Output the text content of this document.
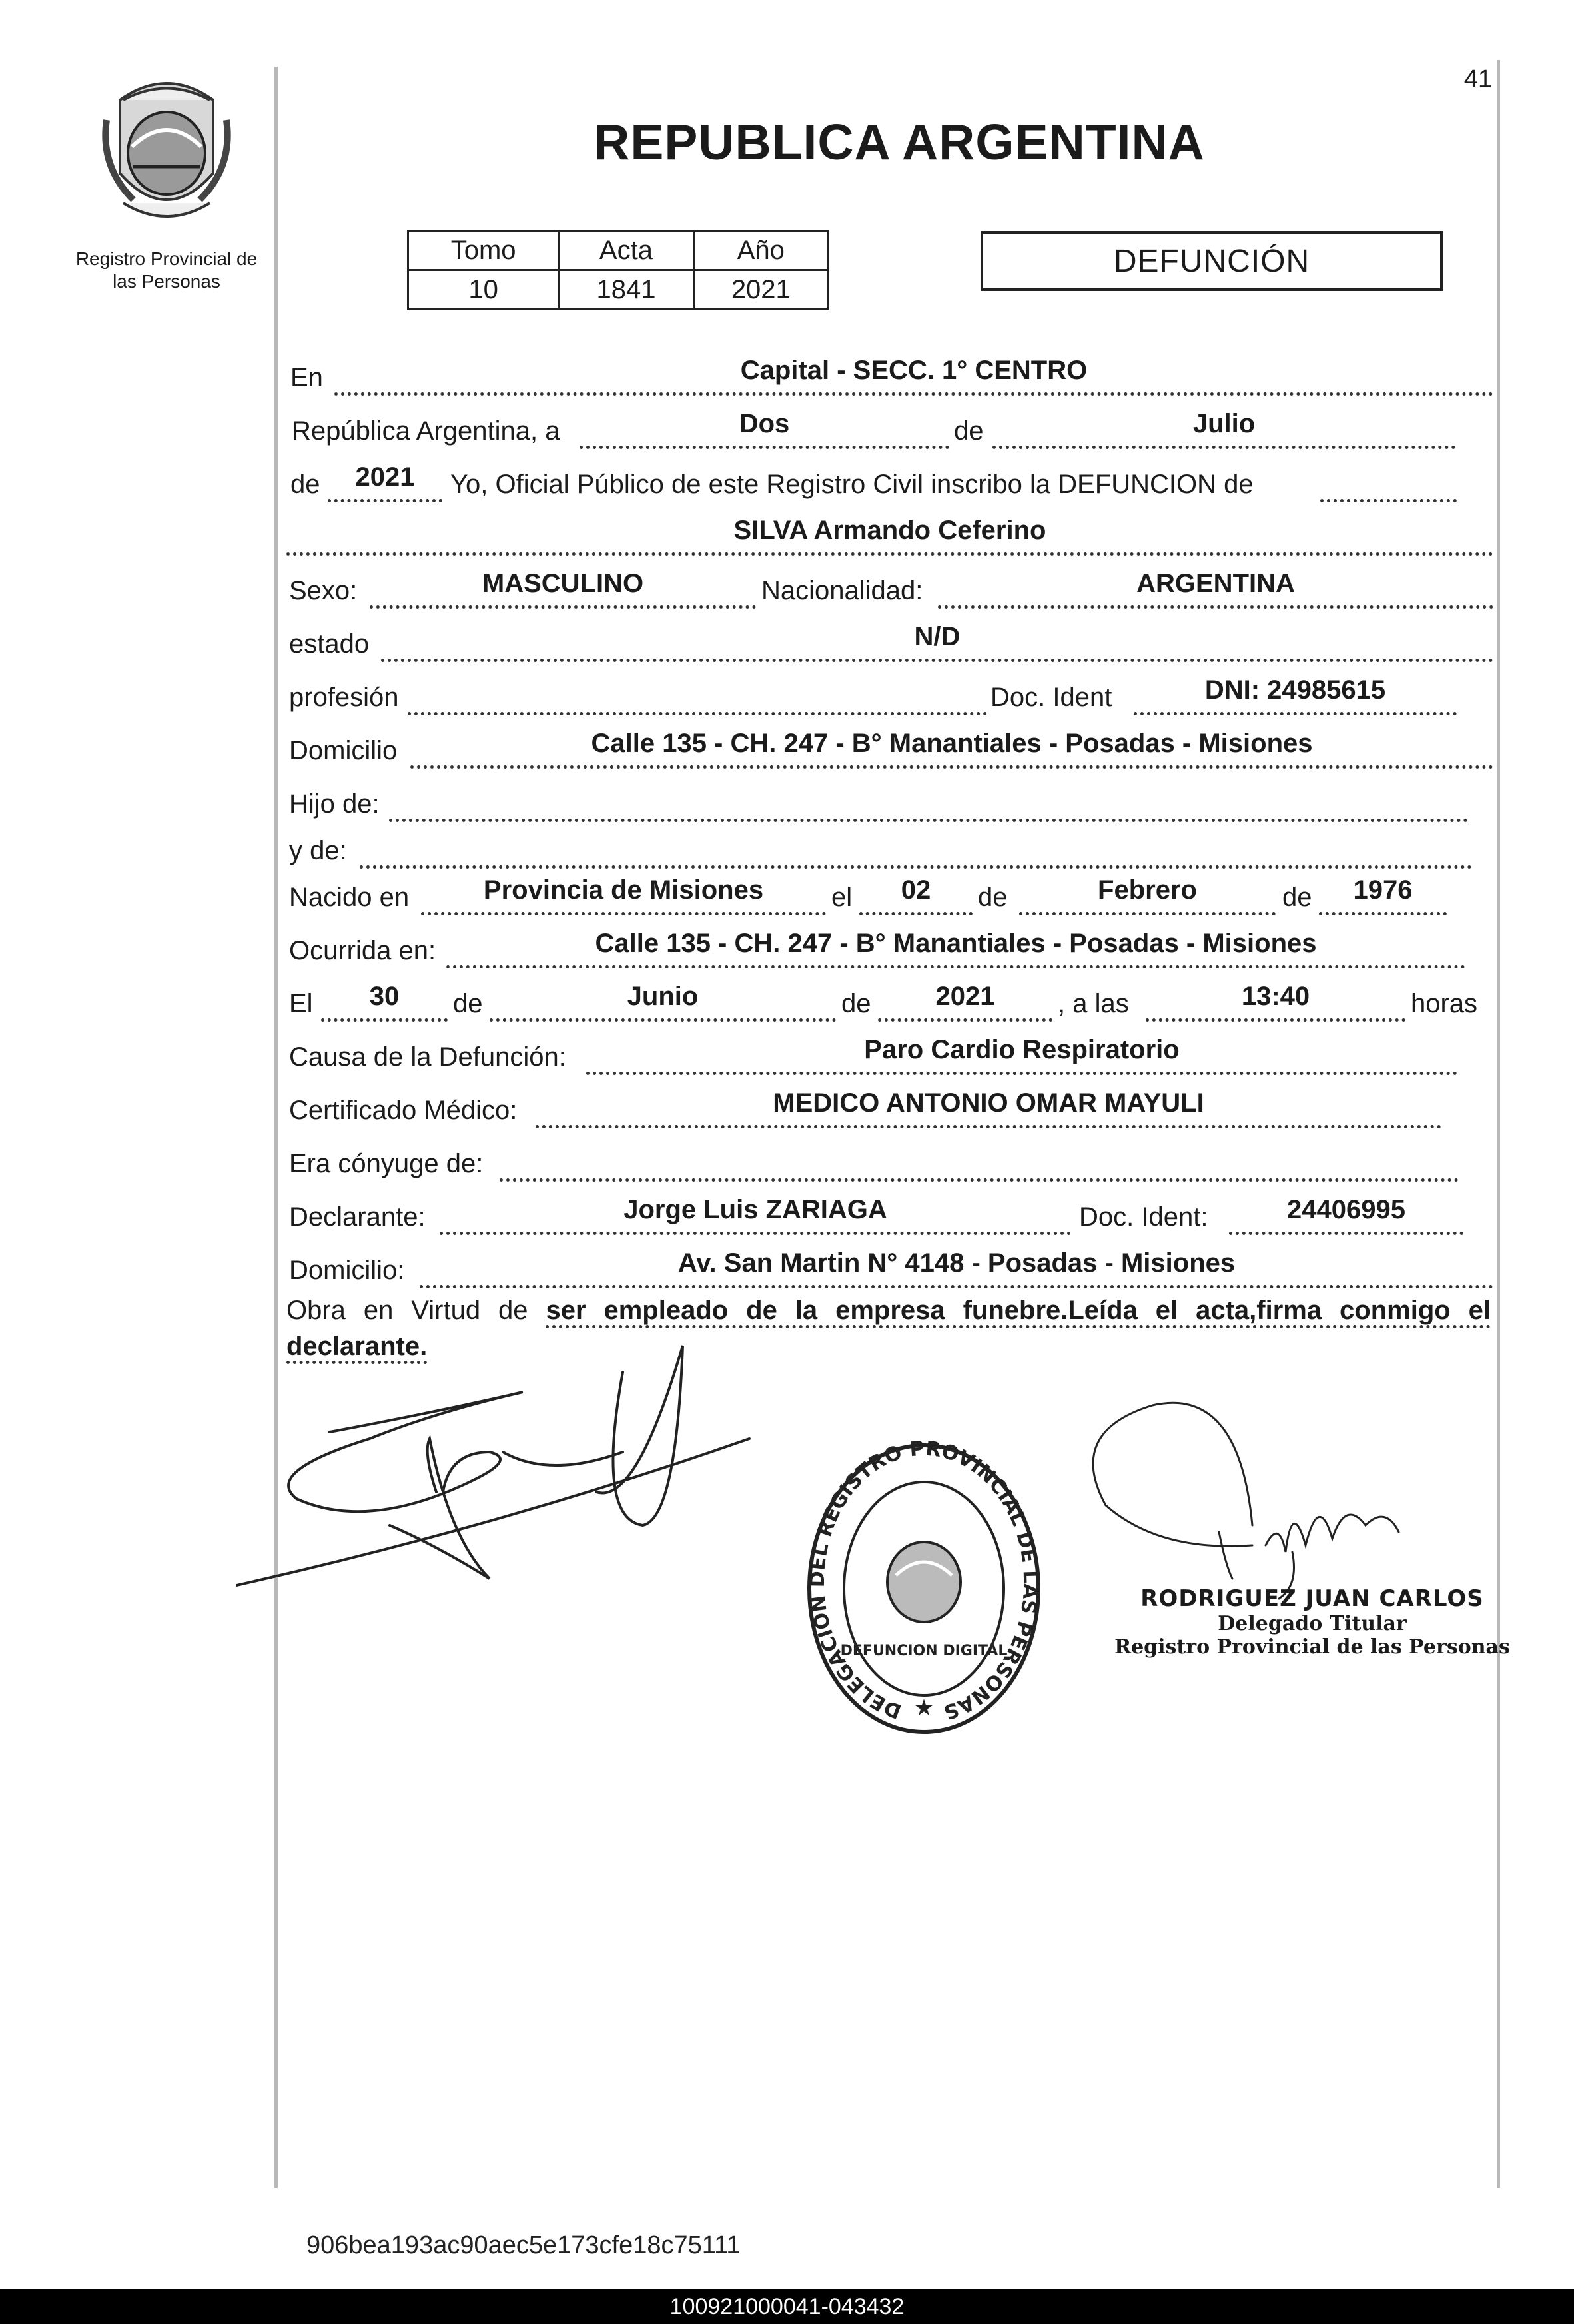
Registro Provincial de
las Personas
41
REPUBLICA ARGENTINA
Tomo	Acta	Año
10	1841	2021
DEFUNCIÓN
En	Capital - SECC. 1° CENTRO
República Argentina, a	Dos	de	Julio
de	2021	Yo, Oficial Público de este Registro Civil inscribo la DEFUNCION de
SILVA Armando Ceferino
Sexo:	MASCULINO	Nacionalidad:	ARGENTINA
estado	N/D
profesión	Doc. Ident	DNI: 24985615
Domicilio	Calle 135 - CH. 247 - B° Manantiales - Posadas - Misiones
Hijo de:
y de:
Nacido en	Provincia de Misiones	el	02	de	Febrero	de	1976
Ocurrida en:	Calle 135 - CH. 247 - B° Manantiales - Posadas - Misiones
El	30	de	Junio	de	2021	, a las	13:40	horas
Causa de la Defunción:	Paro Cardio Respiratorio
Certificado Médico:	MEDICO ANTONIO OMAR MAYULI
Era cónyuge de:
Declarante:	Jorge Luis ZARIAGA	Doc. Ident:	24406995
Domicilio:	Av. San Martin N° 4148 - Posadas - Misiones
Obra en Virtud de ser empleado de la empresa funebre.Leída el acta,firma conmigo el declarante.
DELEGACION DEL REGISTRO PROVINCIAL DE LAS PERSONAS
DEFUNCION DIGITAL
★
RODRIGUEZ JUAN CARLOS
Delegado Titular
Registro Provincial de las Personas
906bea193ac90aec5e173cfe18c75111
100921000041-043432
